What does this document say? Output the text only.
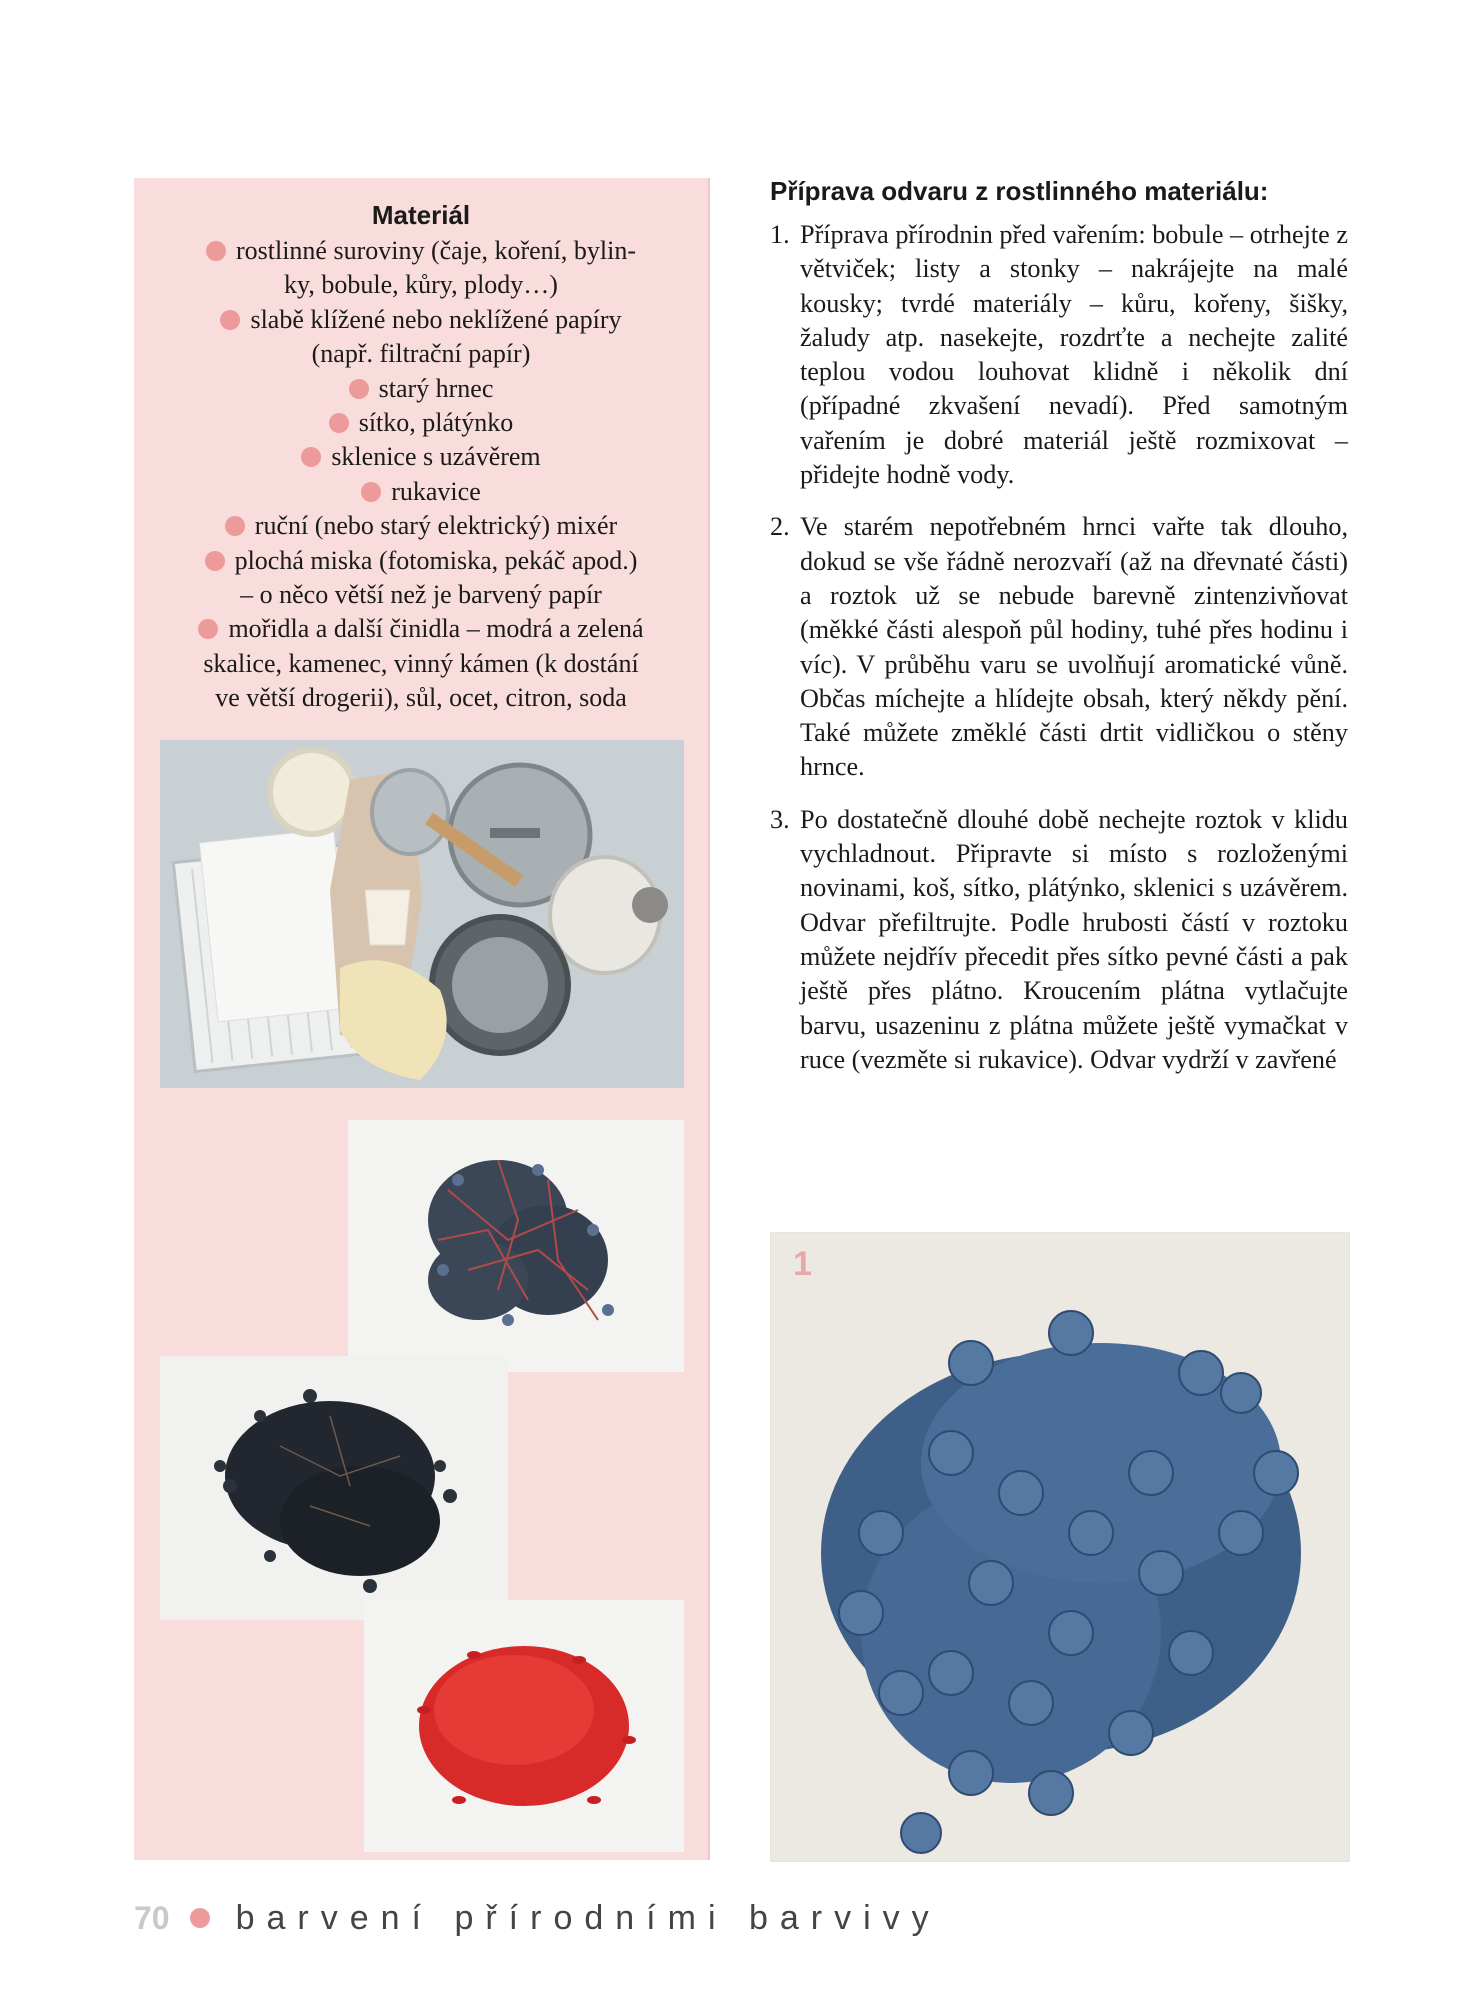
Materiál
rostlinné suroviny (čaje, koření, bylin-
ky, bobule, kůry, plody…)
slabě klížené nebo neklížené papíry
(např. filtrační papír)
starý hrnec
sítko, plátýnko
sklenice s uzávěrem
rukavice
ruční (nebo starý elektrický) mixér
plochá miska (fotomiska, pekáč apod.)
– o něco větší než je barvený papír
mořidla a další činidla – modrá a zelená
skalice, kamenec, vinný kámen (k dostání
ve větší drogerii), sůl, ocet, citron, soda
Příprava odvaru z rostlinného materiálu:
1. Příprava přírodnin před vařením: bobule – otrhejte z větviček; listy a stonky – nakrájejte na malé kousky; tvrdé materiály – kůru, kořeny, šišky, žaludy atp. nasekejte, rozdrťte a nechejte zalité teplou vodou louhovat klidně i několik dní (případné zkvašení nevadí). Před samotným vařením je dobré materiál ještě rozmixovat – přidejte hodně vody.
2. Ve starém nepotřebném hrnci vařte tak dlouho, dokud se vše řádně nerozvaří (až na dřevnaté části) a roztok už se nebude barevně zintenzivňovat (měkké části alespoň půl hodiny, tuhé přes hodinu i víc). V průběhu varu se uvolňují aromatické vůně. Občas míchejte a hlídejte obsah, který někdy pění. Také můžete změklé části drtit vidličkou o stěny hrnce.
3. Po dostatečně dlouhé době nechejte roztok v klidu vychladnout. Připravte si místo s rozloženými novinami, koš, sítko, plátýnko, sklenici s uzávěrem. Odvar přefiltrujte. Podle hrubosti částí v roztoku můžete nejdřív přecedit přes sítko pevné části a pak ještě přes plátno. Kroucením plátna vytlačujte barvu, usazeninu z plátna můžete ještě vymačkat v ruce (vezměte si rukavice). Odvar vydrží v zavřené
1
70 barvení přírodními barvivy
